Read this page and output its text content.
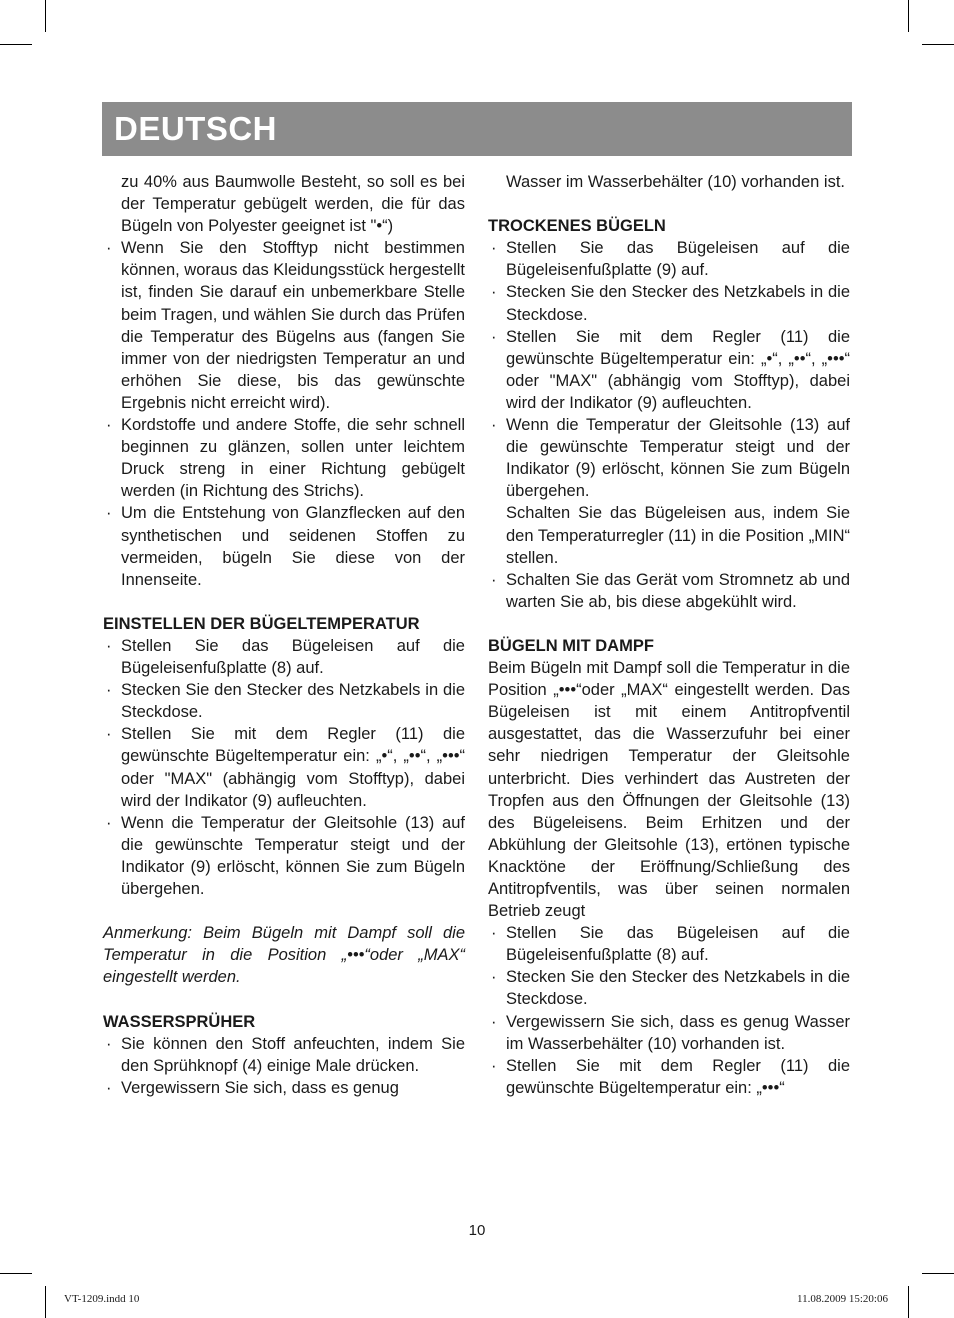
DEUTSCH

zu 40% aus Baumwolle Besteht, so soll es bei der Temperatur gebügelt werden, die für das Bügeln von Polyester geeignet ist "•“)

· Wenn Sie den Stofftyp nicht bestimmen können, woraus das Kleidungsstück hergestellt ist, finden Sie darauf ein unbemerkbare Stelle beim Tragen, und wählen Sie durch das Prüfen die Temperatur des Bügelns aus (fangen Sie immer von der niedrigsten Temperatur an und erhöhen Sie diese, bis das gewünschte Ergebnis nicht erreicht wird).
· Kordstoffe und andere Stoffe, die sehr schnell beginnen zu glänzen, sollen unter leichtem Druck streng in einer Richtung gebügelt werden (in Richtung des Strichs).
· Um die Entstehung von Glanzflecken auf den synthetischen und seidenen Stoffen zu vermeiden, bügeln Sie diese von der Innenseite.

EINSTELLEN DER BÜGELTEMPERATUR

· Stellen Sie das Bügeleisen auf die Bügeleisenfußplatte (8) auf.
· Stecken Sie den Stecker des Netzkabels in die Steckdose.
· Stellen Sie mit dem Regler (11) die gewünschte Bügeltemperatur ein: „•“, „••“, „•••“ oder "MAX" (abhängig vom Stofftyp), dabei wird der Indikator (9) aufleuchten.
· Wenn die Temperatur der Gleitsohle (13) auf die gewünschte Temperatur steigt und der Indikator (9) erlöscht, können Sie zum Bügeln übergehen.

Anmerkung: Beim Bügeln mit Dampf soll die Temperatur in die Position „•••“oder „MAX“ eingestellt werden.

WASSERSPRÜHER

· Sie können den Stoff anfeuchten, indem Sie den Sprühknopf (4) einige Male drücken.
· Vergewissern Sie sich, dass es genug

Wasser im Wasserbehälter (10) vorhanden ist.

TROCKENES BÜGELN

· Stellen Sie das Bügeleisen auf die Bügeleisenfußplatte (9) auf.
· Stecken Sie den Stecker des Netzkabels in die Steckdose.
· Stellen Sie mit dem Regler (11) die gewünschte Bügeltemperatur ein: „•“, „••“, „•••“ oder "MAX" (abhängig vom Stofftyp), dabei wird der Indikator (9) aufleuchten.
· Wenn die Temperatur der Gleitsohle (13) auf die gewünschte Temperatur steigt und der Indikator (9) erlöscht, können Sie zum Bügeln übergehen.
Schalten Sie das Bügeleisen aus, indem Sie den Temperaturregler (11) in die Position „MIN“ stellen.
· Schalten Sie das Gerät vom Stromnetz ab und warten Sie ab, bis diese abgekühlt wird.

BÜGELN MIT DAMPF

Beim Bügeln mit Dampf soll die Temperatur in die Position „•••“oder „MAX“ eingestellt werden. Das Bügeleisen ist mit einem Antitropfventil ausgestattet, das die Wasserzufuhr bei einer sehr niedrigen Temperatur der Gleitsohle unterbricht. Dies verhindert das Austreten der Tropfen aus den Öffnungen der Gleitsohle (13) des Bügeleisens. Beim Erhitzen und der Abkühlung der Gleitsohle (13), ertönen typische Knacktöne der Eröffnung/Schließung des Antitropfventils, was über seinen normalen Betrieb zeugt

· Stellen Sie das Bügeleisen auf die Bügeleisenfußplatte (8) auf.
· Stecken Sie den Stecker des Netzkabels in die Steckdose.
· Vergewissern Sie sich, dass es genug Wasser im Wasserbehälter (10) vorhanden ist.
· Stellen Sie mit dem Regler (11) die gewünschte Bügeltemperatur ein: „•••“
10
VT-1209.indd 10	11.08.2009 15:20:06
